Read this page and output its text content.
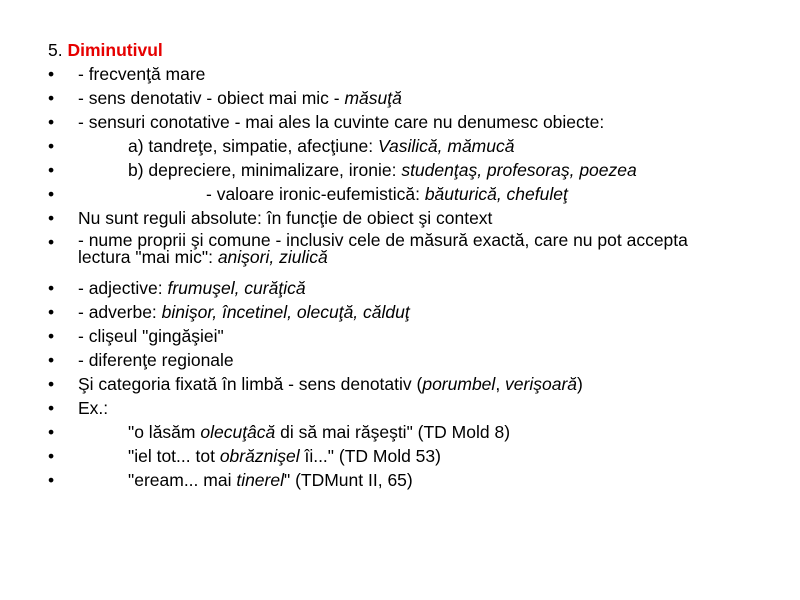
5. Diminutivul
•	- frecvenţă mare
•	- sens denotativ - obiect mai mic - măsuţă
•	- sensuri conotative - mai ales la cuvinte care nu denumesc obiecte:
•	a) tandreţe, simpatie, afecţiune: Vasilică, mămucă
•	b) depreciere, minimalizare, ironie: studenţaş, profesoraş, poezea
•	- valoare ironic-eufemistică: băuturică, chefuleţ
•	Nu sunt reguli absolute: în funcţie de obiect şi context
•	- nume proprii şi comune - inclusiv cele de măsură exactă, care nu pot accepta lectura "mai mic": anişori, ziulică
•	- adjective: frumuşel, curăţică
•	- adverbe: binişor, încetinel, olecuţă, călduţ
•	- clişeul "gingăşiei"
•	- diferenţe regionale
•	Şi categoria fixată în limbă - sens denotativ (porumbel, verişoară)
•	Ex.:
•	"o lăsăm olecuţâcă di să mai răşeşti" (TD Mold 8)
•	"iel tot... tot obrăznişel îi..." (TD Mold 53)
•	"eream... mai tinerel" (TDMunt II, 65)
